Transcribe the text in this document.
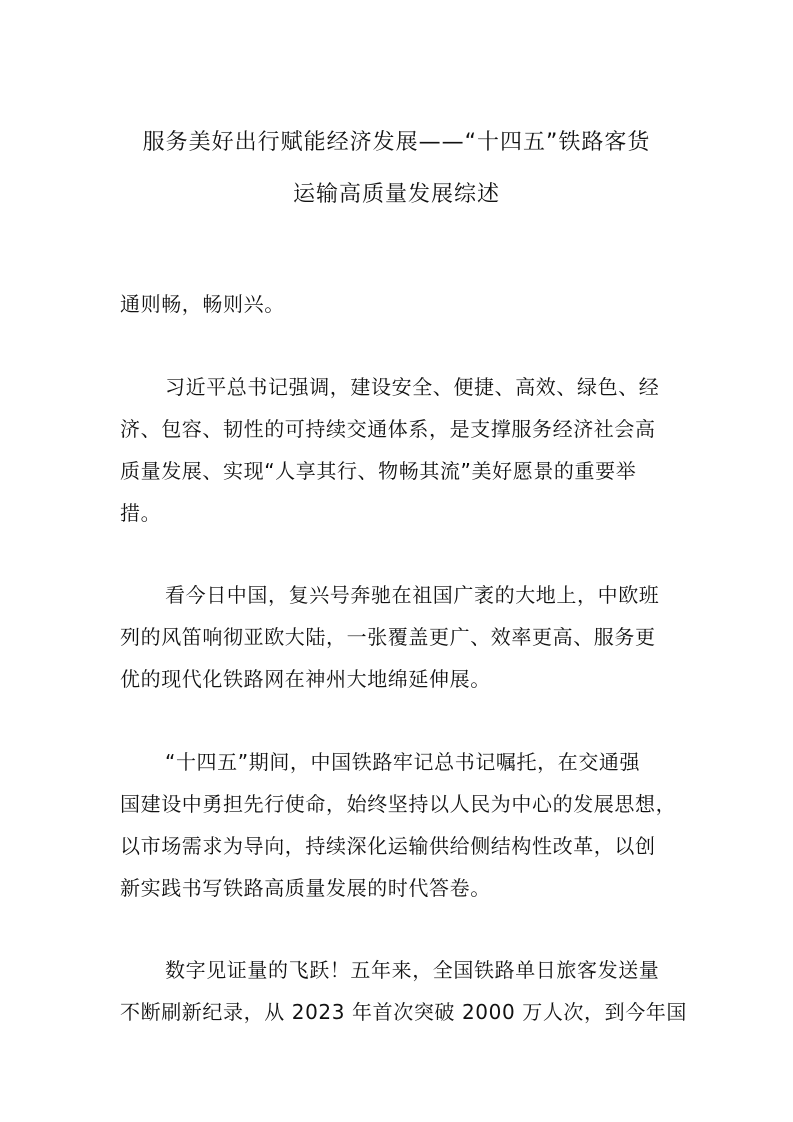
服务美好出行赋能经济发展——“十四五”铁路客货
运输高质量发展综述
通则畅，畅则兴。
习近平总书记强调，建设安全、便捷、高效、绿色、经
济、包容、韧性的可持续交通体系，是支撑服务经济社会高
质量发展、实现“人享其行、物畅其流”美好愿景的重要举
措。
看今日中国，复兴号奔驰在祖国广袤的大地上，中欧班
列的风笛响彻亚欧大陆，一张覆盖更广、效率更高、服务更
优的现代化铁路网在神州大地绵延伸展。
“十四五”期间，中国铁路牢记总书记嘱托，在交通强
国建设中勇担先行使命，始终坚持以人民为中心的发展思想，
以市场需求为导向，持续深化运输供给侧结构性改革，以创
新实践书写铁路高质量发展的时代答卷。
数字见证量的飞跃！五年来，全国铁路单日旅客发送量
不断刷新纪录，从 2023 年首次突破 2000 万人次，到今年国
